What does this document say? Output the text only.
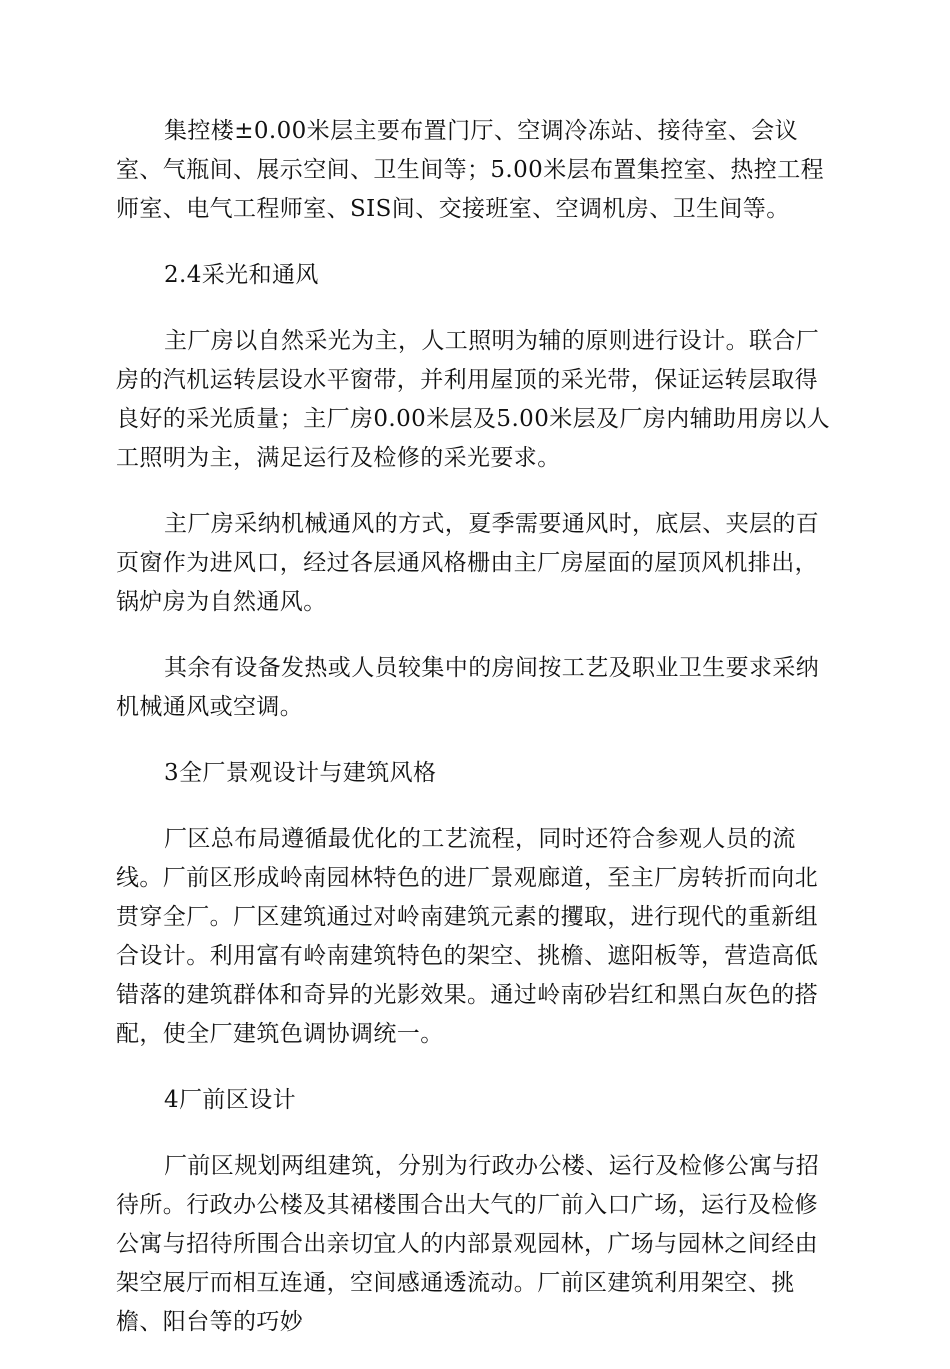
集控楼±0.00米层主要布置门厅、空调冷冻站、接待室、会议室、气瓶间、展示空间、卫生间等；5.00米层布置集控室、热控工程师室、电气工程师室、SIS间、交接班室、空调机房、卫生间等。

2.4采光和通风

主厂房以自然采光为主，人工照明为辅的原则进行设计。联合厂房的汽机运转层设水平窗带，并利用屋顶的采光带，保证运转层取得良好的采光质量；主厂房0.00米层及5.00米层及厂房内辅助用房以人工照明为主，满足运行及检修的采光要求。

主厂房采纳机械通风的方式，夏季需要通风时，底层、夹层的百页窗作为进风口，经过各层通风格栅由主厂房屋面的屋顶风机排出，锅炉房为自然通风。

其余有设备发热或人员较集中的房间按工艺及职业卫生要求采纳机械通风或空调。

3全厂景观设计与建筑风格

厂区总布局遵循最优化的工艺流程，同时还符合参观人员的流线。厂前区形成岭南园林特色的进厂景观廊道，至主厂房转折而向北贯穿全厂。厂区建筑通过对岭南建筑元素的攫取，进行现代的重新组合设计。利用富有岭南建筑特色的架空、挑檐、遮阳板等，营造高低错落的建筑群体和奇异的光影效果。通过岭南砂岩红和黑白灰色的搭配，使全厂建筑色调协调统一。

4厂前区设计

厂前区规划两组建筑，分别为行政办公楼、运行及检修公寓与招待所。行政办公楼及其裙楼围合出大气的厂前入口广场，运行及检修公寓与招待所围合出亲切宜人的内部景观园林，广场与园林之间经由架空展厅而相互连通，空间感通透流动。厂前区建筑利用架空、挑檐、阳台等的巧妙
